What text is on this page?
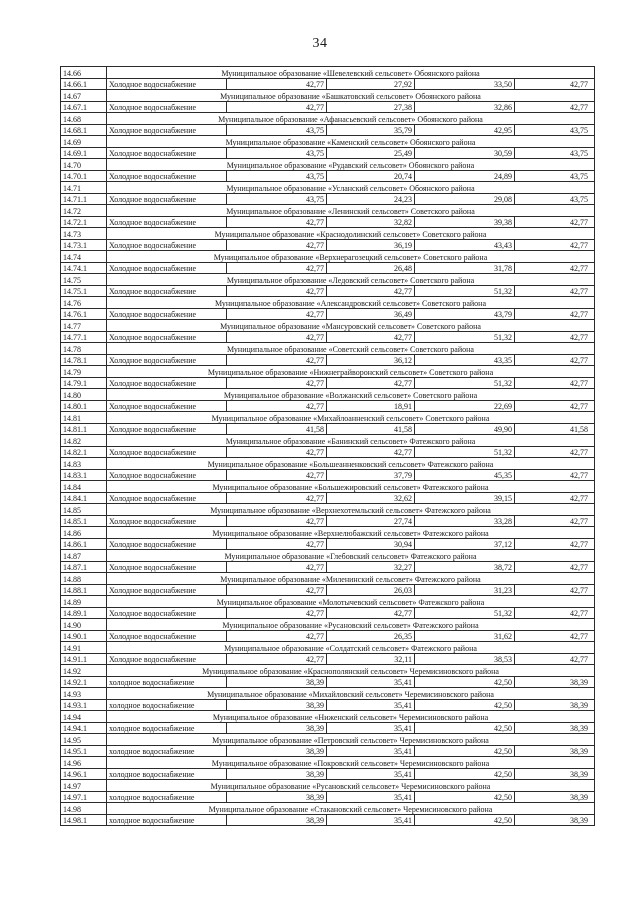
34
14.66	Муниципальное образование «Шевелевский сельсовет» Обоянского района				
14.66.1	Холодное водоснабжение	42,77	27,92	33,50	42,77
14.67	Муниципальное образование «Башкатовский сельсовет» Обоянского района				
14.67.1	Холодное водоснабжение	42,77	27,38	32,86	42,77
14.68	Муниципальное образование «Афанасьевский сельсовет» Обоянского района				
14.68.1	Холодное водоснабжение	43,75	35,79	42,95	43,75
14.69	Муниципальное образование «Каменский сельсовет» Обоянского района				
14.69.1	Холодное водоснабжение	43,75	25,49	30,59	43,75
14.70	Муниципальное образование «Рудавский сельсовет» Обоянского района				
14.70.1	Холодное водоснабжение	43,75	20,74	24,89	43,75
14.71	Муниципальное образование «Усланский сельсовет» Обоянского района				
14.71.1	Холодное водоснабжение	43,75	24,23	29,08	43,75
14.72	Муниципальное образование «Ленинский сельсовет» Советского района				
14.72.1	Холодное водоснабжение	42,77	32,82	39,38	42,77
14.73	Муниципальное образование «Краснодолинский сельсовет» Советского района				
14.73.1	Холодное водоснабжение	42,77	36,19	43,43	42,77
14.74	Муниципальное образование «Верхнерагозецкий сельсовет» Советского района				
14.74.1	Холодное водоснабжение	42,77	26,48	31,78	42,77
14.75	Муниципальное образование «Ледовский сельсовет» Советского района				
14.75.1	Холодное водоснабжение	42,77	42,77	51,32	42,77
14.76	Муниципальное образование «Александровский сельсовет» Советского района				
14.76.1	Холодное водоснабжение	42,77	36,49	43,79	42,77
14.77	Муниципальное образование «Мансуровский сельсовет» Советского района				
14.77.1	Холодное водоснабжение	42,77	42,77	51,32	42,77
14.78	Муниципальное образование «Советский сельсовет» Советского района				
14.78.1	Холодное водоснабжение	42,77	36,12	43,35	42,77
14.79	Муниципальное образование «Нижнеграйворонский сельсовет» Советского района				
14.79.1	Холодное водоснабжение	42,77	42,77	51,32	42,77
14.80	Муниципальное образование «Волжанский сельсовет» Советского района				
14.80.1	Холодное водоснабжение	42,77	18,91	22,69	42,77
14.81	Муниципальное образование «Михайлоанненский сельсовет» Советского района				
14.81.1	Холодное водоснабжение	41,58	41,58	49,90	41,58
14.82	Муниципальное образование «Банинский сельсовет» Фатежского района				
14.82.1	Холодное водоснабжение	42,77	42,77	51,32	42,77
14.83	Муниципальное образование «Большеанненковский сельсовет» Фатежского района				
14.83.1	Холодное водоснабжение	42,77	37,79	45,35	42,77
14.84	Муниципальное образование «Большежировский сельсовет» Фатежского района				
14.84.1	Холодное водоснабжение	42,77	32,62	39,15	42,77
14.85	Муниципальное образование «Верхнехотемльский сельсовет» Фатежского района				
14.85.1	Холодное водоснабжение	42,77	27,74	33,28	42,77
14.86	Муниципальное образование «Верхнелюбажский сельсовет» Фатежского района				
14.86.1	Холодное водоснабжение	42,77	30,94	37,12	42,77
14.87	Муниципальное образование «Глебовский сельсовет» Фатежского района				
14.87.1	Холодное водоснабжение	42,77	32,27	38,72	42,77
14.88	Муниципальное образование «Миленинский сельсовет» Фатежского района				
14.88.1	Холодное водоснабжение	42,77	26,03	31,23	42,77
14.89	Муниципальное образование «Молотычевский сельсовет» Фатежского района				
14.89.1	Холодное водоснабжение	42,77	42,77	51,32	42,77
14.90	Муниципальное образование «Русановский сельсовет» Фатежского района				
14.90.1	Холодное водоснабжение	42,77	26,35	31,62	42,77
14.91	Муниципальное образование «Солдатский сельсовет» Фатежского района				
14.91.1	Холодное водоснабжение	42,77	32,11	38,53	42,77
14.92	Муниципальное образование «Краснополянский сельсовет» Черемисиновского района				
14.92.1	холодное водоснабжение	38,39	35,41	42,50	38,39
14.93	Муниципальное образование «Михайловский сельсовет» Черемисиновского района				
14.93.1	холодное водоснабжение	38,39	35,41	42,50	38,39
14.94	Муниципальное образование «Ниженский сельсовет» Черемисиновского района				
14.94.1	холодное водоснабжение	38,39	35,41	42,50	38,39
14.95	Муниципальное образование «Петровский сельсовет» Черемисиновского района				
14.95.1	холодное водоснабжение	38,39	35,41	42,50	38,39
14.96	Муниципальное образование «Покровский сельсовет» Черемисиновского района				
14.96.1	холодное водоснабжение	38,39	35,41	42,50	38,39
14.97	Муниципальное образование «Русановский сельсовет» Черемисиновского района				
14.97.1	холодное водоснабжение	38,39	35,41	42,50	38,39
14.98	Муниципальное образование «Стакановский сельсовет» Черемисиновского района				
14.98.1	холодное водоснабжение	38,39	35,41	42,50	38,39
